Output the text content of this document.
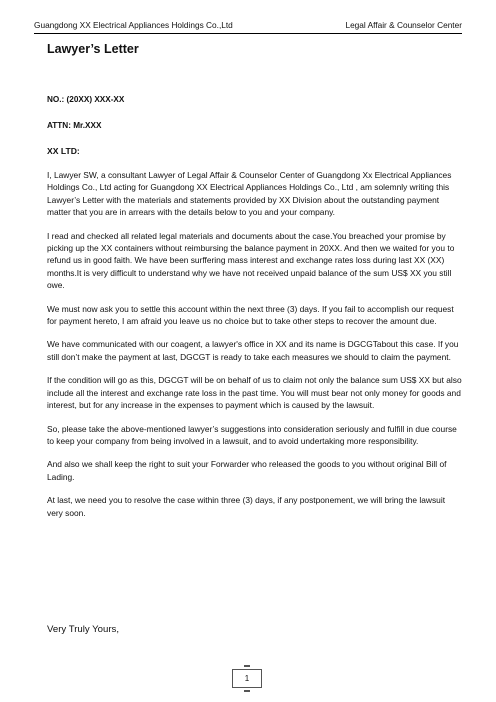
Guangdong XX Electrical Appliances Holdings Co.,Ltd	Legal Affair & Counselor Center
Lawyer’s Letter
NO.: (20XX) XXX-XX
ATTN: Mr.XXX
XX LTD:

I, Lawyer SW, a consultant Lawyer of Legal Affair & Counselor Center of Guangdong Xx Electrical Appliances Holdings Co., Ltd acting for Guangdong XX Electrical Appliances Holdings Co., Ltd , am solemnly writing this Lawyer’s Letter with the materials and statements provided by XX Division about the outstanding payment matter that you are in arrears with the details below to you and your company.

I read and checked all related legal materials and documents about the case.You breached your promise by picking up the XX containers without reimbursing the balance payment in 20XX. And then we waited for you to refund us in good faith. We have been surffering mass interest and exchange rates loss during last XX (XX) months.It is very difficult to understand why we have not received unpaid balance of the sum US$ XX you still owe.

We must now ask you to settle this account within the next three (3) days. If you fail to accomplish our request for payment hereto, I am afraid you leave us no choice but to take other steps to recover the amount due.

We have communicated with our coagent, a lawyer's office in XX and its name is DGCGTabout this case. If you still don’t make the payment at last, DGCGT is ready to take each measures we should to claim the payment.

If the condition will go as this, DGCGT will be on behalf of us to claim not only the balance sum US$ XX but also include all the interest and exchange rate loss in the past time. You will must bear not only money for goods and interest, but for any increase in the expenses to payment which is caused by the lawsuit.

So, please take the above-mentioned lawyer’s suggestions into consideration seriously and fulfill in due course to keep your company from being involved in a lawsuit, and to avoid undertaking more responsibility.

And also we shall keep the right to suit your Forwarder who released the goods to you without original Bill of Lading.

At last, we need you to resolve the case within three (3) days, if any postponement, we will bring the lawsuit very soon.

Very Truly Yours,
1
